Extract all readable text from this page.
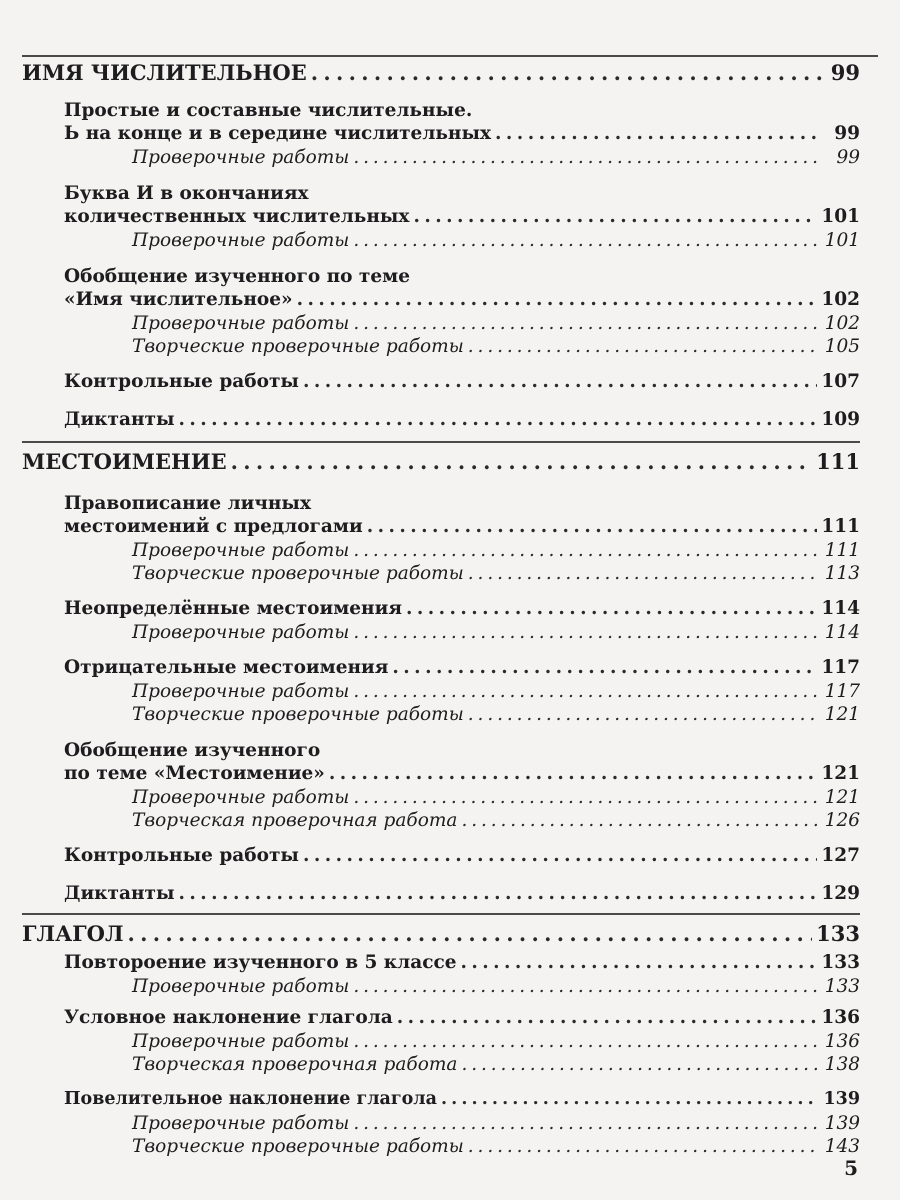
ИМЯ ЧИСЛИТЕЛЬНОЕ . . .	99
Простые и составные числительные.
Ь на конце и в середине числительных . . .	99
Проверочные работы . . .	99
Буква И в окончаниях
количественных числительных . . .	101
Проверочные работы . . .	101
Обобщение изученного по теме
«Имя числительное» . . .	102
Проверочные работы . . .	102
Творческие проверочные работы . . .	105
Контрольные работы . . .	107
Диктанты . . .	109
МЕСТОИМЕНИЕ . . .	111
Правописание личных
местоимений с предлогами . . .	111
Проверочные работы . . .	111
Творческие проверочные работы . . .	113
Неопределённые местоимения . . .	114
Проверочные работы . . .	114
Отрицательные местоимения . . .	117
Проверочные работы . . .	117
Творческие проверочные работы . . .	121
Обобщение изученного
по теме «Местоимение» . . .	121
Проверочные работы . . .	121
Творческая проверочная работа . . .	126
Контрольные работы . . .	127
Диктанты . . .	129
ГЛАГОЛ . . .	133
Повтороение изученного в 5 классе . . .	133
Проверочные работы . . .	133
Условное наклонение глагола . . .	136
Проверочные работы . . .	136
Творческая проверочная работа . . .	138
Повелительное наклонение глагола . . .	139
Проверочные работы . . .	139
Творческие проверочные работы . . .	143
5
